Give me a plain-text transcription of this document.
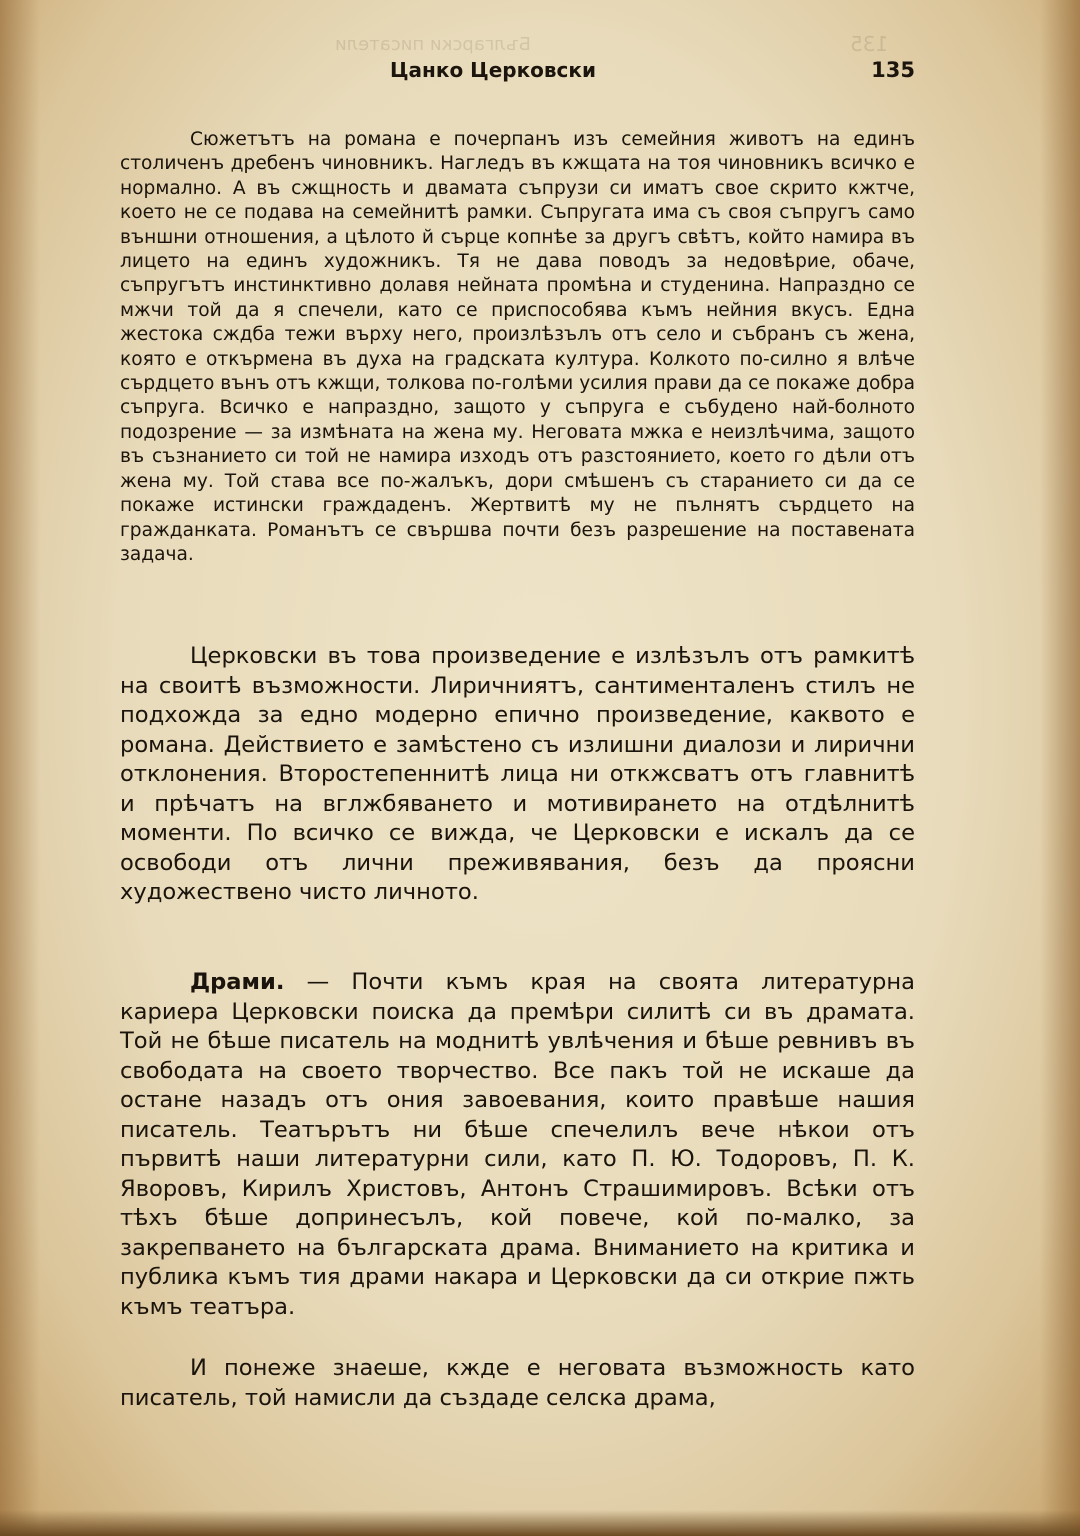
Български писатели	135
Цанко Церковски	135

Сюжетътъ на романа е почерпанъ изъ семейния животъ на единъ столиченъ дребенъ чиновникъ. Нагледъ въ кжщата на тоя чиновникъ всичко е нормално. А въ сжщность и двамата съпрузи си иматъ свое скрито кжтче, което не се подава на семейнитѣ рамки. Съпругата има съ своя съпругъ само външни отношения, а цѣлото й сърце копнѣе за другъ свѣтъ, който намира въ лицето на единъ художникъ. Тя не дава поводъ за недовѣрие, обаче, съпругътъ инстинктивно долавя нейната промѣна и студенина. Напраздно се мжчи той да я спечели, като се приспособява къмъ нейния вкусъ. Една жестока сждба тежи върху него, произлѣзълъ отъ село и събранъ съ жена, която е откърмена въ духа на градската култура. Колкото по-силно я влѣче сърдцето вънъ отъ кжщи, толкова по-голѣми усилия прави да се покаже добра съпруга. Всичко е напраздно, защото у съпруга е събудено най-болното подозрение — за измѣната на жена му. Неговата мжка е неизлѣчима, защото въ съзнанието си той не намира изходъ отъ разстоянието, което го дѣли отъ жена му. Той става все по-жалъкъ, дори смѣшенъ съ старанието си да се покаже истински граждаденъ. Жертвитѣ му не пълнятъ сърдцето на гражданката. Романътъ се свършва почти безъ разрешение на поставената задача.

Церковски въ това произведение е излѣзълъ отъ рамкитѣ на своитѣ възможности. Лиричниятъ, сантименталенъ стилъ не подхожда за едно модерно епично произведение, каквото е романа. Действието е замѣстено съ излишни диалози и лирични отклонения. Второстепеннитѣ лица ни откжсватъ отъ главнитѣ и прѣчатъ на вглжбяването и мотивирането на отдѣлнитѣ моменти. По всичко се вижда, че Церковски е искалъ да се освободи отъ лични преживявания, безъ да проясни художествено чисто личното.

Драми. — Почти къмъ края на своята литературна кариера Церковски поиска да премѣри силитѣ си въ драмата. Той не бѣше писатель на моднитѣ увлѣчения и бѣше ревнивъ въ свободата на своето творчество. Все пакъ той не искаше да остане назадъ отъ ония завоевания, които правѣше нашия писатель. Театърътъ ни бѣше спечелилъ вече нѣкои отъ първитѣ наши литературни сили, като П. Ю. Тодоровъ, П. К. Яворовъ, Кирилъ Христовъ, Антонъ Страшимировъ. Всѣки отъ тѣхъ бѣше допринесълъ, кой повече, кой по-малко, за закрепването на българската драма. Вниманието на критика и публика къмъ тия драми накара и Церковски да си открие пжть къмъ театъра.

И понеже знаеше, кжде е неговата възможность като писатель, той намисли да създаде селска драма,
